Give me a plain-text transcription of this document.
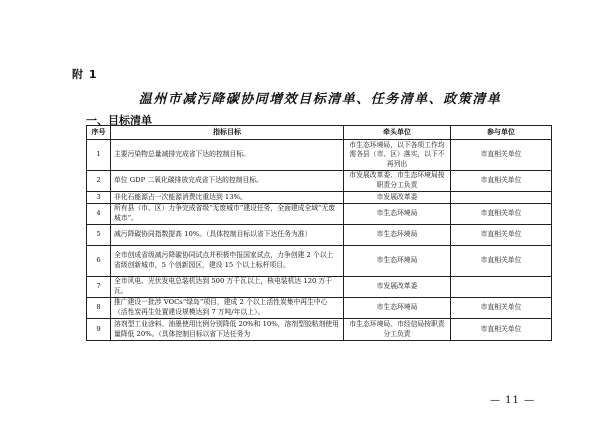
附 1
温州市减污降碳协同增效目标清单、任务清单、政策清单
一、目标清单
序号	指标目标	牵头单位	参与单位
1	主要污染物总量减排完成省下达的控制目标。	市生态环境局，以下各项工作均需各县（市、区）落实，以下不再列出	市直相关单位
2	单位 GDP 二氧化碳排放完成省下达的控制目标。	市发展改革委、市生态环境局按职责分工负责	市直相关单位
3	非化石能源占一次能源消费比重达到 13%。	市发展改革委	
4	所有县（市、区）力争完成省级“无废城市”建设任务，全面建成全域“无废城市”。	市生态环境局	市直相关单位
5	减污降碳协同指数提高 10%。（具体控制目标以省下达任务为准）	市生态环境局	市直相关单位
6	全市创成省级减污降碳协同试点并积极申报国家试点，力争创建 2 个以上省级创新城市，5 个创新园区，建设 15 个以上标杆项目。	市生态环境局	市直相关单位
7	全市风电、光伏发电总装机达到 500 万千瓦以上，核电装机达 120 万千瓦。	市发展改革委	
8	推广建设一批涉 VOCs“绿岛”项目，建成 2 个以上活性炭集中再生中心（活性炭再生处置建设规模达到 7 万吨/年以上）。	市生态环境局	市直相关单位
9	溶剂型工业涂料、油墨使用比例分别降低 20%和 10%，溶剂型胶粘剂使用量降低 20%。（具体控制目标以省下达任务为	市生态环境局、市经信局按职责分工负责	市直相关单位
— 11 —
